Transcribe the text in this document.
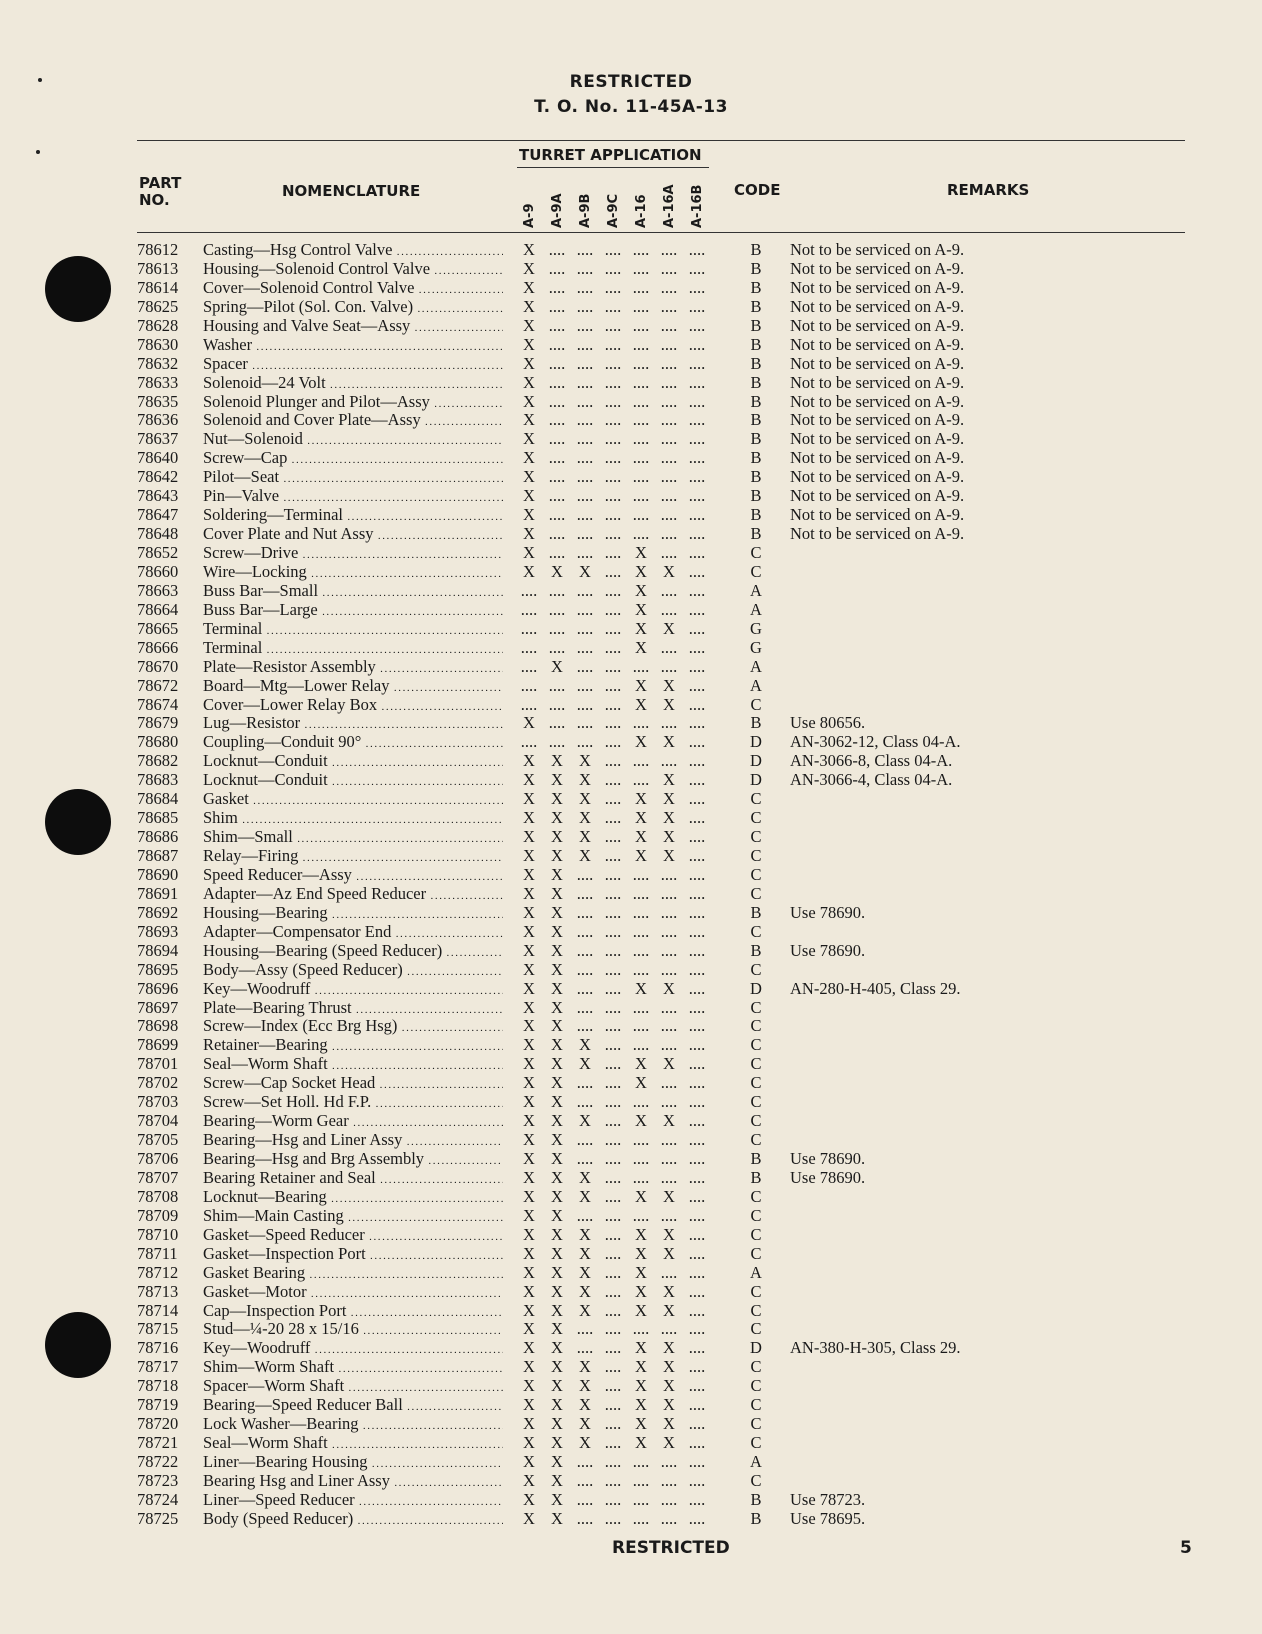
RESTRICTED
T. O. No. 11-45A-13
TURRET APPLICATION
PART NO.	NOMENCLATURE	CODE	REMARKS
A-9 A-9A A-9B A-9C A-16 A-16A A-16B
78612	Casting—Hsg Control Valve .....	X .... .... .... .... .... ....	B Not to be serviced on A-9.
78613	Housing—Solenoid Control Valve .....	X .... .... .... .... .... ....	B Not to be serviced on A-9.
78614	Cover—Solenoid Control Valve .....	X .... .... .... .... .... ....	B Not to be serviced on A-9.
78625	Spring—Pilot (Sol. Con. Valve) .....	X .... .... .... .... .... ....	B Not to be serviced on A-9.
78628	Housing and Valve Seat—Assy .....	X .... .... .... .... .... ....	B Not to be serviced on A-9.
78630	Washer .....	X .... .... .... .... .... ....	B Not to be serviced on A-9.
78632	Spacer .....	X .... .... .... .... .... ....	B Not to be serviced on A-9.
78633	Solenoid—24 Volt .....	X .... .... .... .... .... ....	B Not to be serviced on A-9.
78635	Solenoid Plunger and Pilot—Assy .....	X .... .... .... .... .... ....	B Not to be serviced on A-9.
78636	Solenoid and Cover Plate—Assy .....	X .... .... .... .... .... ....	B Not to be serviced on A-9.
78637	Nut—Solenoid .....	X .... .... .... .... .... ....	B Not to be serviced on A-9.
78640	Screw—Cap .....	X .... .... .... .... .... ....	B Not to be serviced on A-9.
78642	Pilot—Seat .....	X .... .... .... .... .... ....	B Not to be serviced on A-9.
78643	Pin—Valve .....	X .... .... .... .... .... ....	B Not to be serviced on A-9.
78647	Soldering—Terminal .....	X .... .... .... .... .... ....	B Not to be serviced on A-9.
78648	Cover Plate and Nut Assy .....	X .... .... .... .... .... ....	B Not to be serviced on A-9.
78652	Screw—Drive .....	X .... .... .... X .... ....	C
78660	Wire—Locking .....	X X X .... X X ....	C
78663	Buss Bar—Small .....	.... .... .... .... X .... ....	A
78664	Buss Bar—Large .....	.... .... .... .... X .... ....	A
78665	Terminal .....	.... .... .... .... X X ....	G
78666	Terminal .....	.... .... .... .... X .... ....	G
78670	Plate—Resistor Assembly .....	.... X .... .... .... .... ....	A
78672	Board—Mtg—Lower Relay .....	.... .... .... .... X X ....	A
78674	Cover—Lower Relay Box .....	.... .... .... .... X X ....	C
78679	Lug—Resistor .....	X .... .... .... .... .... ....	B Use 80656.
78680	Coupling—Conduit 90° .....	.... .... .... .... X X ....	D AN-3062-12, Class 04-A.
78682	Locknut—Conduit .....	X X X .... .... .... ....	D AN-3066-8, Class 04-A.
78683	Locknut—Conduit .....	X X X .... .... X ....	D AN-3066-4, Class 04-A.
78684	Gasket .....	X X X .... X X ....	C
78685	Shim .....	X X X .... X X ....	C
78686	Shim—Small .....	X X X .... X X ....	C
78687	Relay—Firing .....	X X X .... X X ....	C
78690	Speed Reducer—Assy .....	X X .... .... .... .... ....	C
78691	Adapter—Az End Speed Reducer .....	X X .... .... .... .... ....	C
78692	Housing—Bearing .....	X X .... .... .... .... ....	B Use 78690.
78693	Adapter—Compensator End .....	X X .... .... .... .... ....	C
78694	Housing—Bearing (Speed Reducer) .....	X X .... .... .... .... ....	B Use 78690.
78695	Body—Assy (Speed Reducer) .....	X X .... .... .... .... ....	C
78696	Key—Woodruff .....	X X .... .... X X ....	D AN-280-H-405, Class 29.
78697	Plate—Bearing Thrust .....	X X .... .... .... .... ....	C
78698	Screw—Index (Ecc Brg Hsg) .....	X X .... .... .... .... ....	C
78699	Retainer—Bearing .....	X X X .... .... .... ....	C
78701	Seal—Worm Shaft .....	X X X .... X X ....	C
78702	Screw—Cap Socket Head .....	X X .... .... X .... ....	C
78703	Screw—Set Holl. Hd F.P. .....	X X .... .... .... .... ....	C
78704	Bearing—Worm Gear .....	X X X .... X X ....	C
78705	Bearing—Hsg and Liner Assy .....	X X .... .... .... .... ....	C
78706	Bearing—Hsg and Brg Assembly .....	X X .... .... .... .... ....	B Use 78690.
78707	Bearing Retainer and Seal .....	X X X .... .... .... ....	B Use 78690.
78708	Locknut—Bearing .....	X X X .... X X ....	C
78709	Shim—Main Casting .....	X X .... .... .... .... ....	C
78710	Gasket—Speed Reducer .....	X X X .... X X ....	C
78711	Gasket—Inspection Port .....	X X X .... X X ....	C
78712	Gasket Bearing .....	X X X .... X .... ....	A
78713	Gasket—Motor .....	X X X .... X X ....	C
78714	Cap—Inspection Port .....	X X X .... X X ....	C
78715	Stud—¼-20 28 x 15/16 .....	X X .... .... .... .... ....	C
78716	Key—Woodruff .....	X X .... .... X X ....	D AN-380-H-305, Class 29.
78717	Shim—Worm Shaft .....	X X X .... X X ....	C
78718	Spacer—Worm Shaft .....	X X X .... X X ....	C
78719	Bearing—Speed Reducer Ball .....	X X X .... X X ....	C
78720	Lock Washer—Bearing .....	X X X .... X X ....	C
78721	Seal—Worm Shaft .....	X X X .... X X ....	C
78722	Liner—Bearing Housing .....	X X .... .... .... .... ....	A
78723	Bearing Hsg and Liner Assy .....	X X .... .... .... .... ....	C
78724	Liner—Speed Reducer .....	X X .... .... .... .... ....	B Use 78723.
78725	Body (Speed Reducer) .....	X X .... .... .... .... ....	B Use 78695.
RESTRICTED	5
